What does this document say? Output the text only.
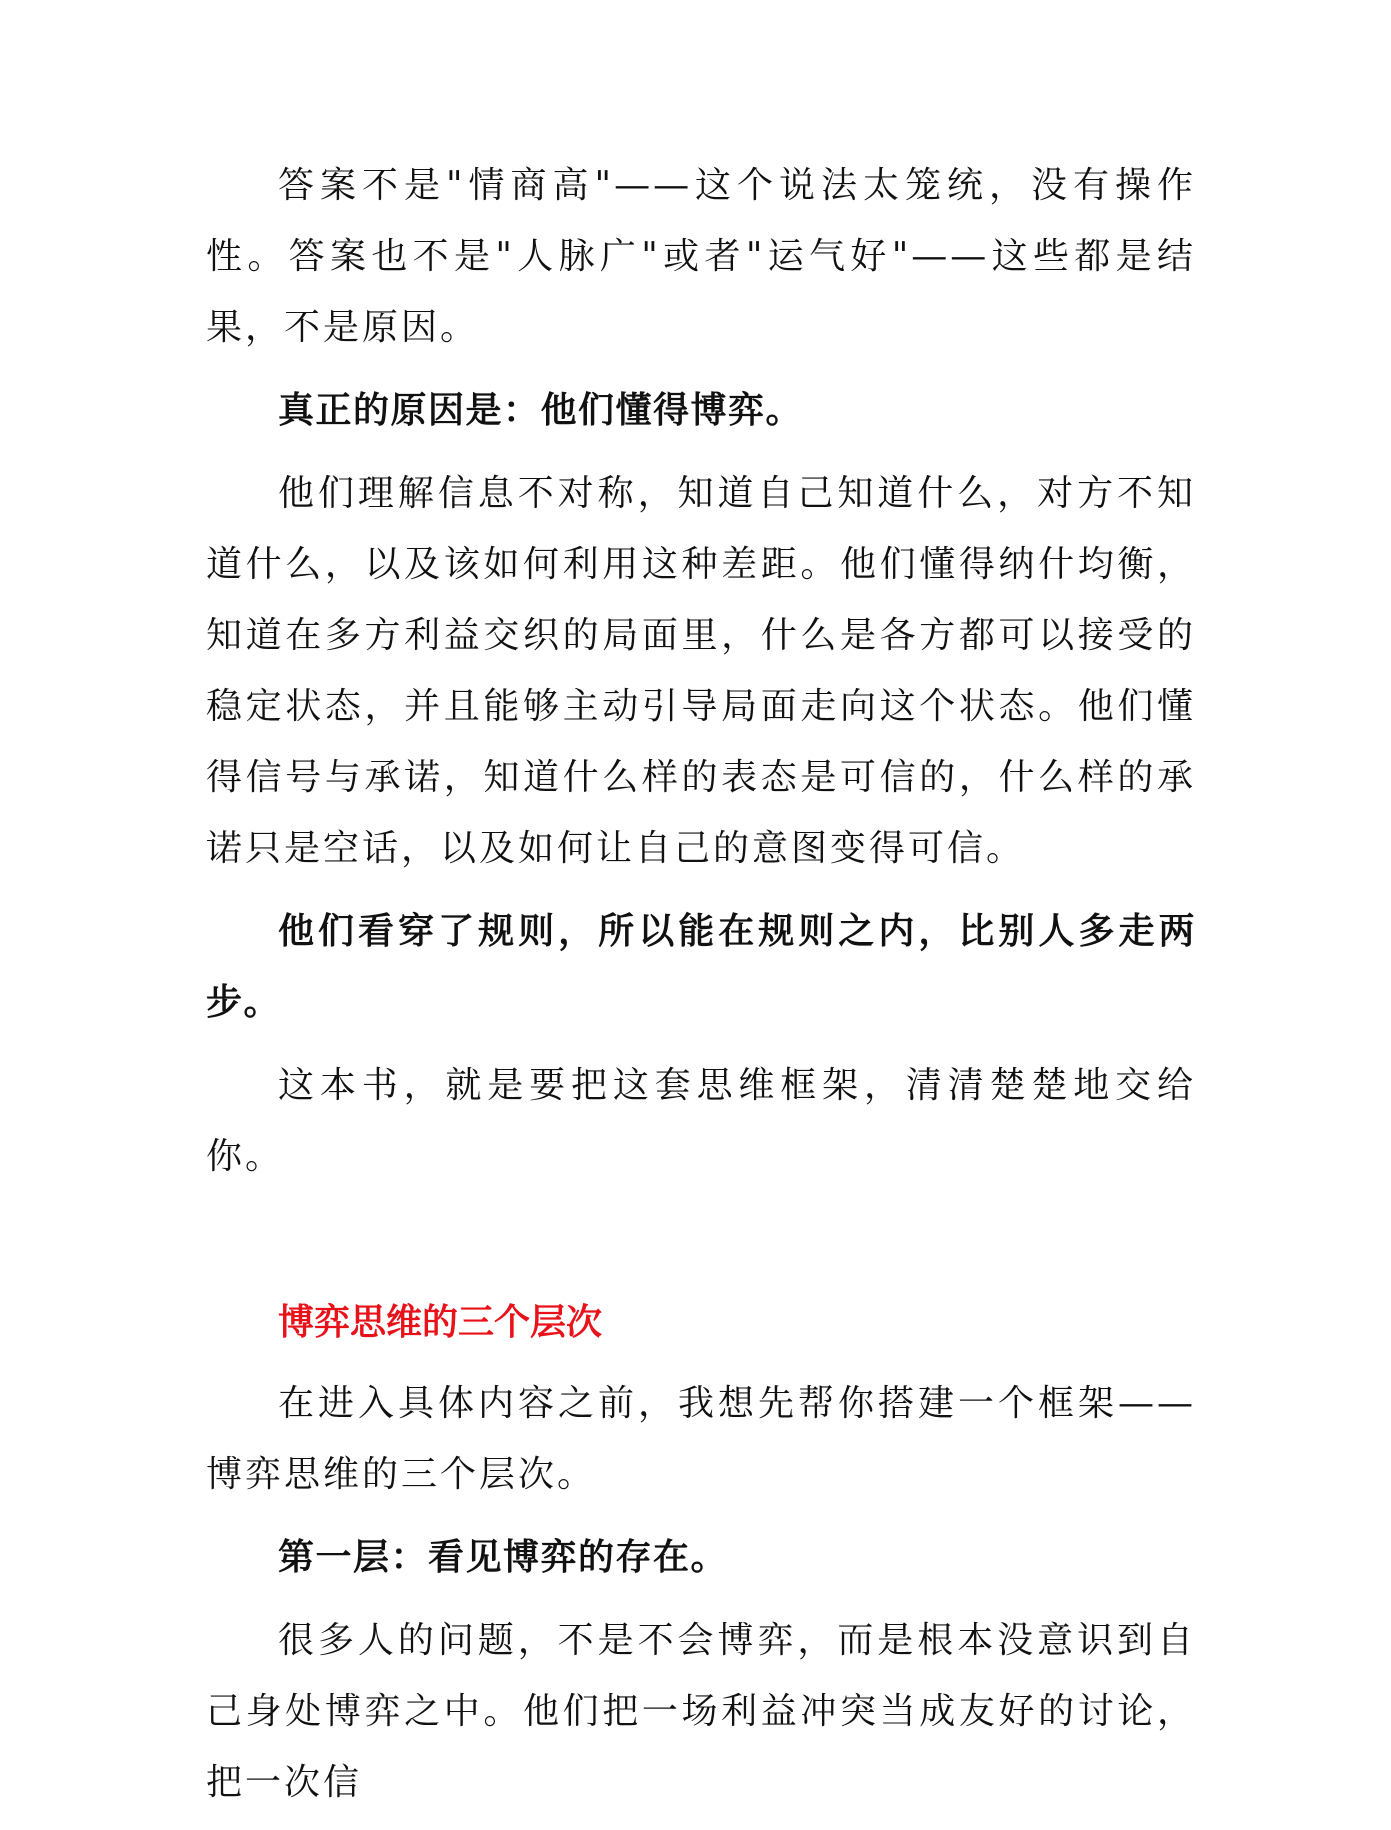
答案不是"情商高"——这个说法太笼统，没有操作性。答案也不是"人脉广"或者"运气好"——这些都是结果，不是原因。

真正的原因是：他们懂得博弈。

他们理解信息不对称，知道自己知道什么，对方不知道什么，以及该如何利用这种差距。他们懂得纳什均衡，知道在多方利益交织的局面里，什么是各方都可以接受的稳定状态，并且能够主动引导局面走向这个状态。他们懂得信号与承诺，知道什么样的表态是可信的，什么样的承诺只是空话，以及如何让自己的意图变得可信。

他们看穿了规则，所以能在规则之内，比别人多走两步。

这本书，就是要把这套思维框架，清清楚楚地交给你。

博弈思维的三个层次

在进入具体内容之前，我想先帮你搭建一个框架——博弈思维的三个层次。

第一层：看见博弈的存在。

很多人的问题，不是不会博弈，而是根本没意识到自己身处博弈之中。他们把一场利益冲突当成友好的讨论，把一次信
